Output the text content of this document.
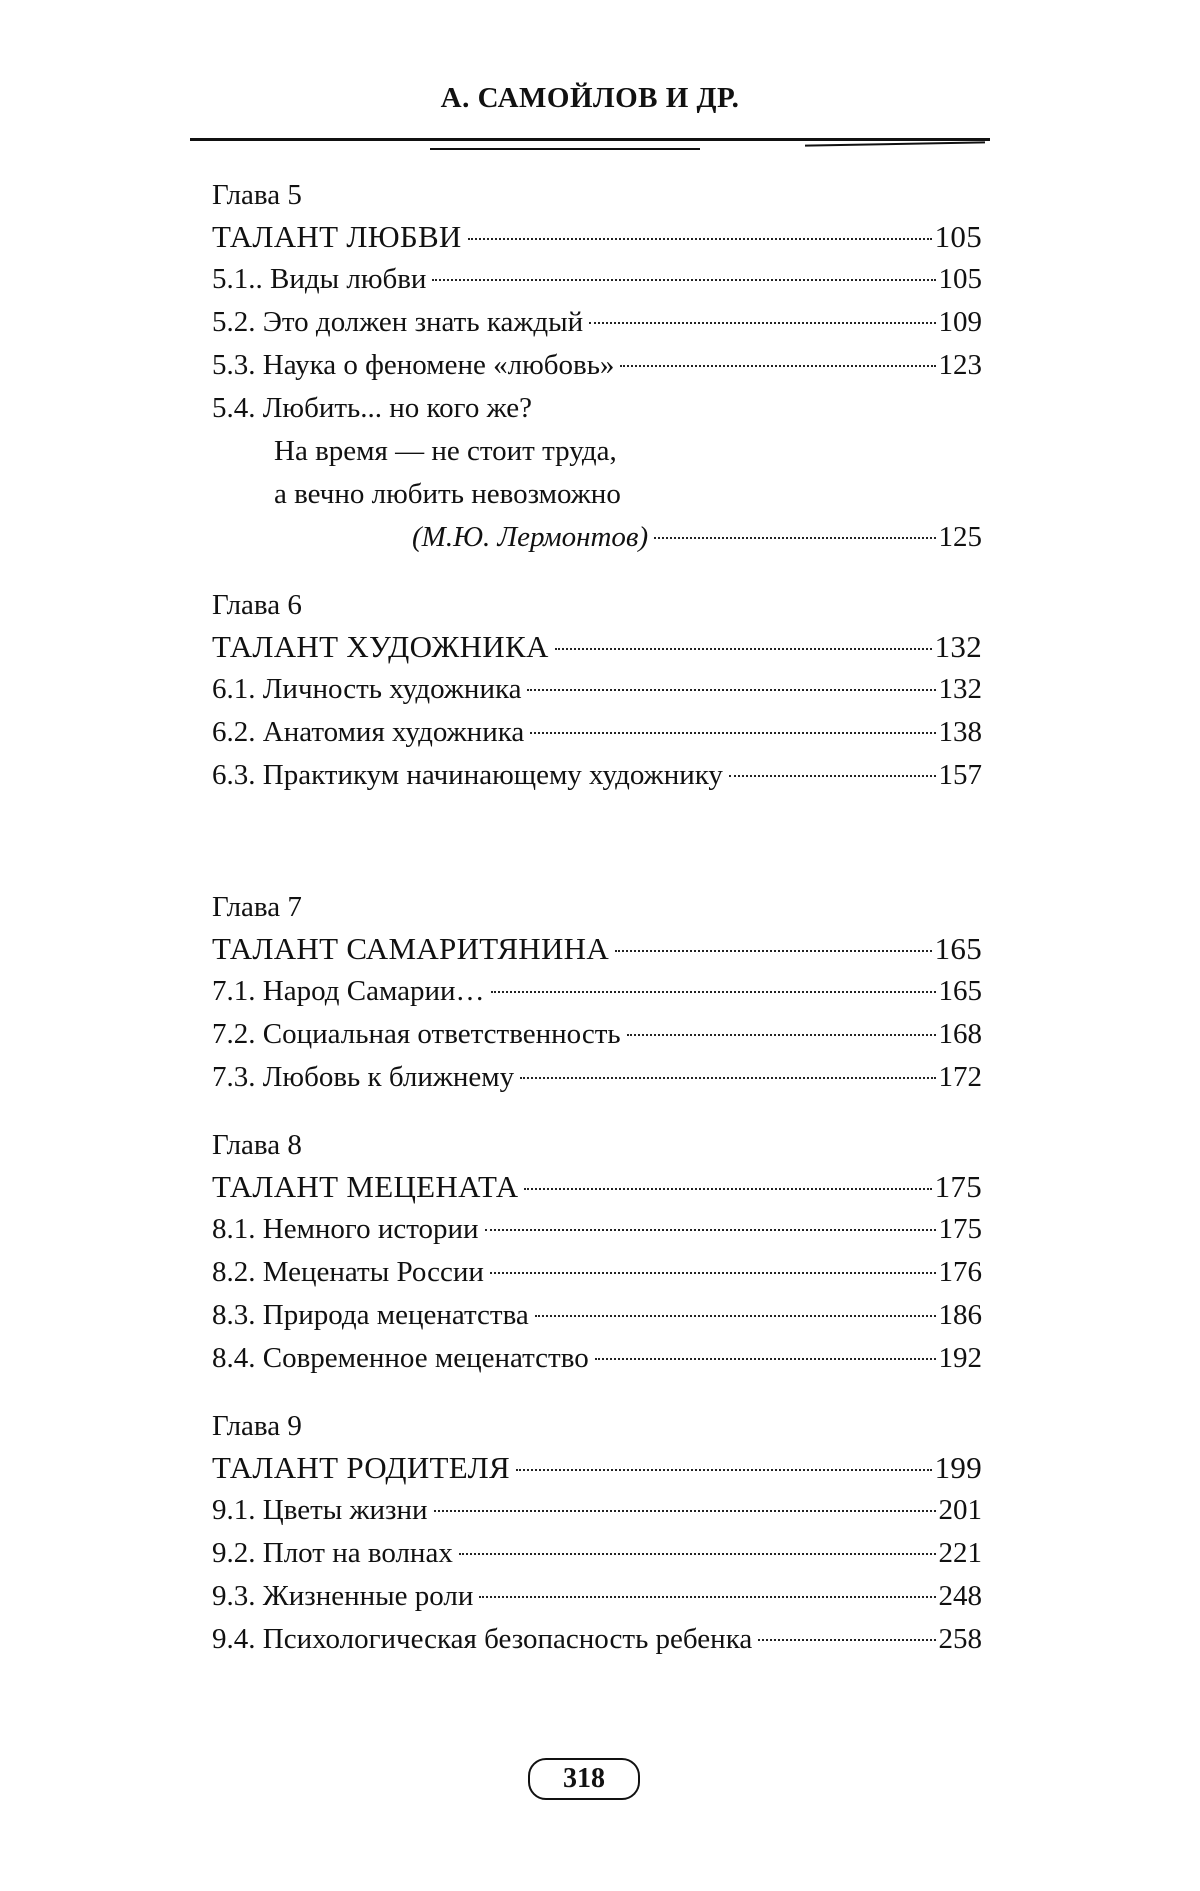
А. САМОЙЛОВ И ДР.
Глава 5
ТАЛАНТ ЛЮБВИ	105
5.1.. Виды любви	105
5.2. Это должен знать каждый	109
5.3. Наука о феномене «любовь»	123
5.4. Любить... но кого же?
На время — не стоит труда,
а вечно любить невозможно
(М.Ю. Лермонтов)	125
Глава 6
ТАЛАНТ ХУДОЖНИКА	132
6.1. Личность художника	132
6.2. Анатомия художника	138
6.3. Практикум начинающему художнику	157
Глава 7
ТАЛАНТ САМАРИТЯНИНА	165
7.1. Народ Самарии…	165
7.2. Социальная ответственность	168
7.3. Любовь к ближнему	172
Глава 8
ТАЛАНТ МЕЦЕНАТА	175
8.1. Немного истории	175
8.2. Меценаты России	176
8.3. Природа меценатства	186
8.4. Современное меценатство	192
Глава 9
ТАЛАНТ РОДИТЕЛЯ	199
9.1. Цветы жизни	201
9.2. Плот на волнах	221
9.3. Жизненные роли	248
9.4. Психологическая безопасность ребенка	258
318
